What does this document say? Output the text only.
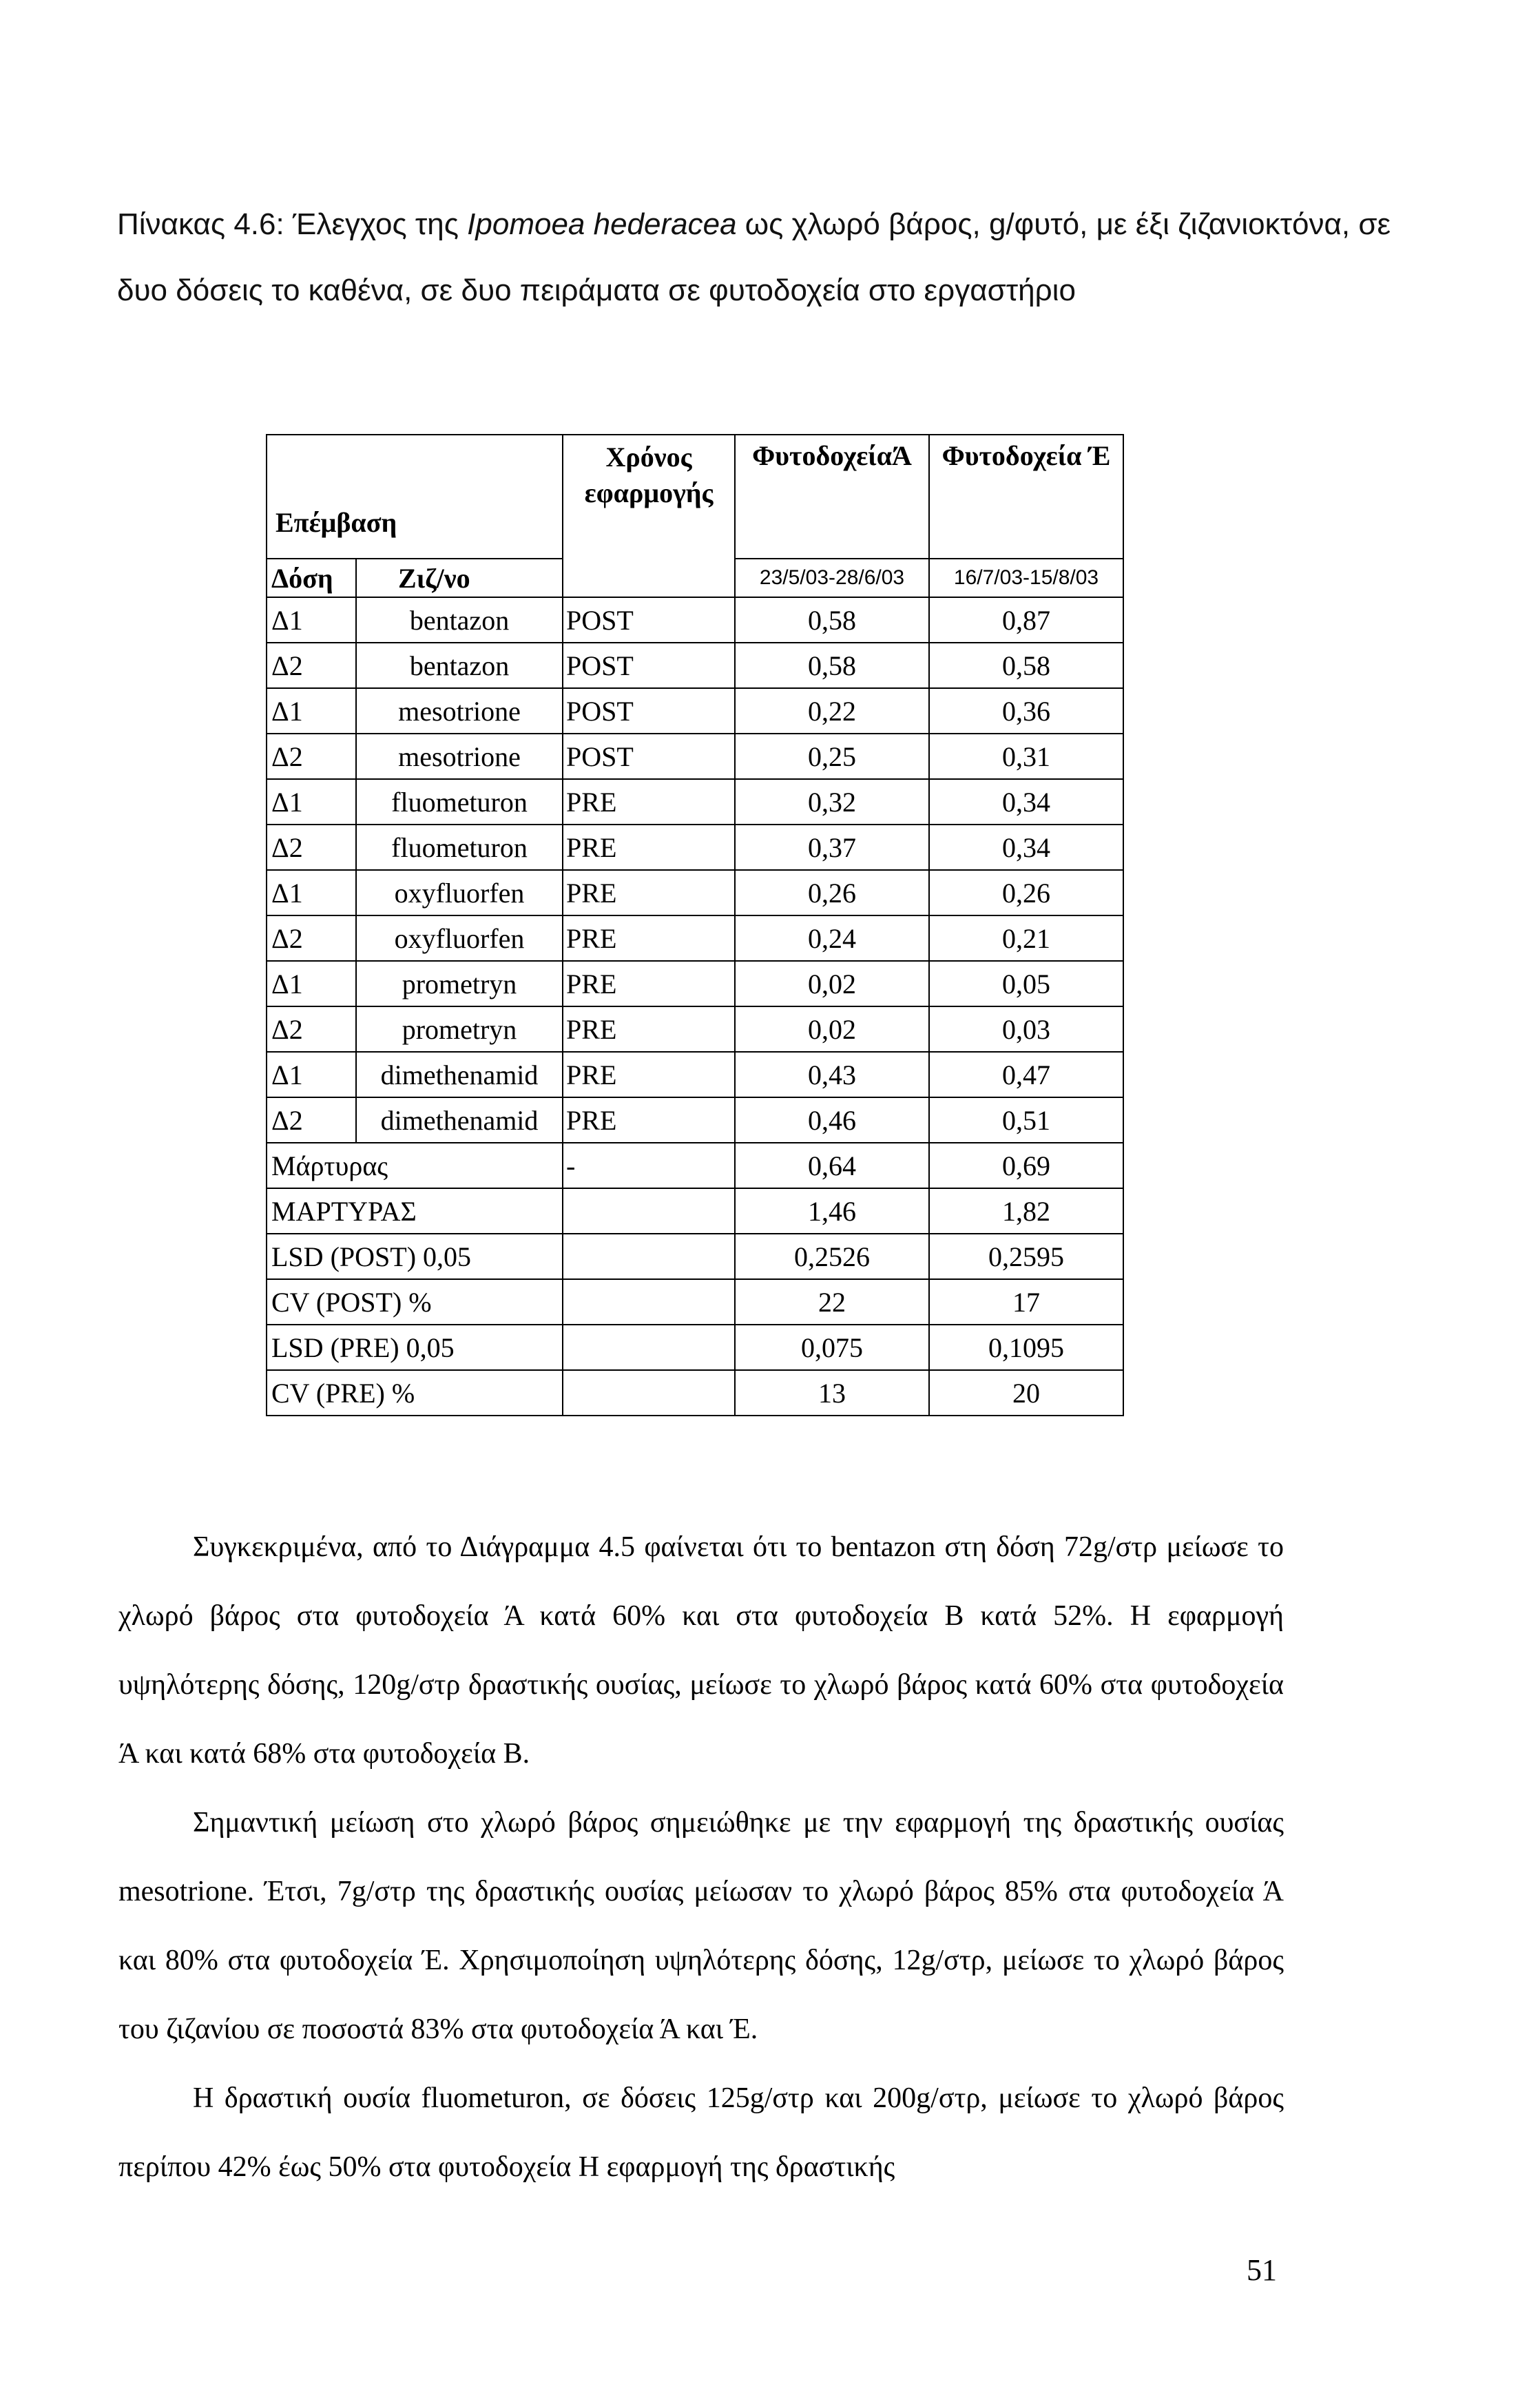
Πίνακας 4.6: Έλεγχος της Ipomoea hederacea ως χλωρό βάρος, g/φυτό, με έξι ζιζανιοκτόνα, σε δυο δόσεις το καθένα, σε δυο πειράματα σε φυτοδοχεία στο εργαστήριο
Επέμβαση		Χρόνος εφαρμογής	ΦυτοδοχείαΆ	Φυτοδοχεία Έ
Δόση	Ζιζ/νο		23/5/03-28/6/03	16/7/03-15/8/03
Δ1	bentazon	POST	0,58	0,87
Δ2	bentazon	POST	0,58	0,58
Δ1	mesotrione	POST	0,22	0,36
Δ2	mesotrione	POST	0,25	0,31
Δ1	fluometuron	PRE	0,32	0,34
Δ2	fluometuron	PRE	0,37	0,34
Δ1	oxyfluorfen	PRE	0,26	0,26
Δ2	oxyfluorfen	PRE	0,24	0,21
Δ1	prometryn	PRE	0,02	0,05
Δ2	prometryn	PRE	0,02	0,03
Δ1	dimethenamid	PRE	0,43	0,47
Δ2	dimethenamid	PRE	0,46	0,51
Μάρτυρας		-	0,64	0,69
ΜΑΡΤΥΡΑΣ			1,46	1,82
LSD (POST) 0,05			0,2526	0,2595
CV (POST) %			22	17
LSD (PRE) 0,05			0,075	0,1095
CV (PRE) %			13	20

Συγκεκριμένα, από το Διάγραμμα 4.5 φαίνεται ότι το bentazon στη δόση 72g/στρ μείωσε το χλωρό βάρος στα φυτοδοχεία Ά κατά 60% και στα φυτοδοχεία Β κατά 52%. Η εφαρμογή υψηλότερης δόσης, 120g/στρ δραστικής ουσίας, μείωσε το χλωρό βάρος κατά 60% στα φυτοδοχεία Ά και κατά 68% στα φυτοδοχεία Β.

Σημαντική μείωση στο χλωρό βάρος σημειώθηκε με την εφαρμογή της δραστικής ουσίας mesotrione. Έτσι, 7g/στρ της δραστικής ουσίας μείωσαν το χλωρό βάρος 85% στα φυτοδοχεία Ά και 80% στα φυτοδοχεία Έ. Χρησιμοποίηση υψηλότερης δόσης, 12g/στρ, μείωσε το χλωρό βάρος του ζιζανίου σε ποσοστά 83% στα φυτοδοχεία Ά και Έ.

Η δραστική ουσία fluometuron, σε δόσεις 125g/στρ και 200g/στρ, μείωσε το χλωρό βάρος περίπου 42% έως 50% στα φυτοδοχεία Η εφαρμογή της δραστικής

51
